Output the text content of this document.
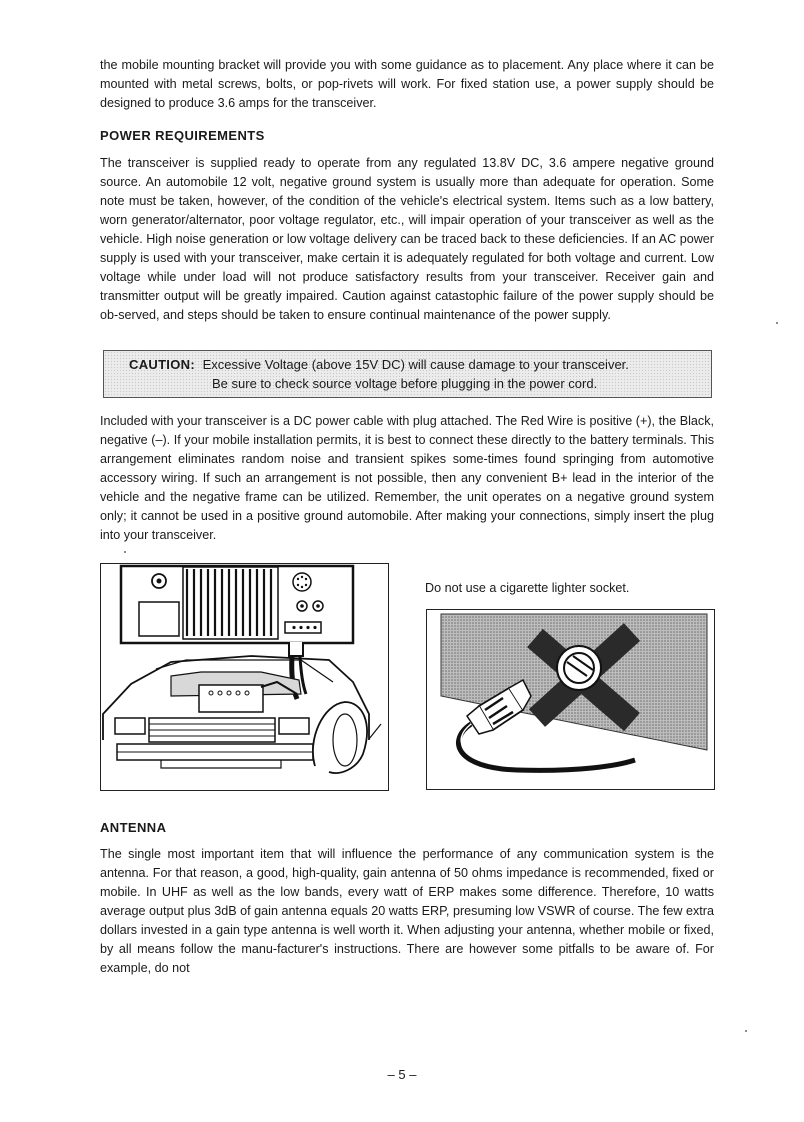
the mobile mounting bracket will provide you with some guidance as to placement. Any place where it can be mounted with metal screws, bolts, or pop-rivets will work. For fixed station use, a power supply should be designed to produce 3.6 amps for the transceiver.

POWER REQUIREMENTS

The transceiver is supplied ready to operate from any regulated 13.8V DC, 3.6 ampere negative ground source. An automobile 12 volt, negative ground system is usually more than adequate for operation. Some note must be taken, however, of the condition of the vehicle's electrical system. Items such as a low battery, worn generator/alternator, poor voltage regulator, etc., will impair operation of your transceiver as well as the vehicle. High noise generation or low voltage delivery can be traced back to these deficiencies. If an AC power supply is used with your transceiver, make certain it is adequately regulated for both voltage and current. Low voltage while under load will not produce satisfactory results from your transceiver. Receiver gain and transmitter output will be greatly impaired. Caution against catastophic failure of the power supply should be ob-served, and steps should be taken to ensure continual maintenance of the power supply.

CAUTION: Excessive Voltage (above 15V DC) will cause damage to your transceiver.
Be sure to check source voltage before plugging in the power cord.

Included with your transceiver is a DC power cable with plug attached. The Red Wire is positive (+), the Black, negative (–). If your mobile installation permits, it is best to connect these directly to the battery terminals. This arrangement eliminates random noise and transient spikes some-times found springing from automotive accessory wiring. If such an arrangement is not possible, then any convenient B+ lead in the interior of the vehicle and the negative frame can be utilized. Remember, the unit operates on a negative ground system only; it cannot be used in a positive ground automobile. After making your connections, simply insert the plug into your transceiver.

Do not use a cigarette lighter socket.
ANTENNA

The single most important item that will influence the performance of any communication system is the antenna. For that reason, a good, high-quality, gain antenna of 50 ohms impedance is recommended, fixed or mobile. In UHF as well as the low bands, every watt of ERP makes some difference. Therefore, 10 watts average output plus 3dB of gain antenna equals 20 watts ERP, presuming low VSWR of course. The few extra dollars invested in a gain type antenna is well worth it. When adjusting your antenna, whether mobile or fixed, by all means follow the manu-facturer's instructions. There are however some pitfalls to be aware of. For example, do not

– 5 –
